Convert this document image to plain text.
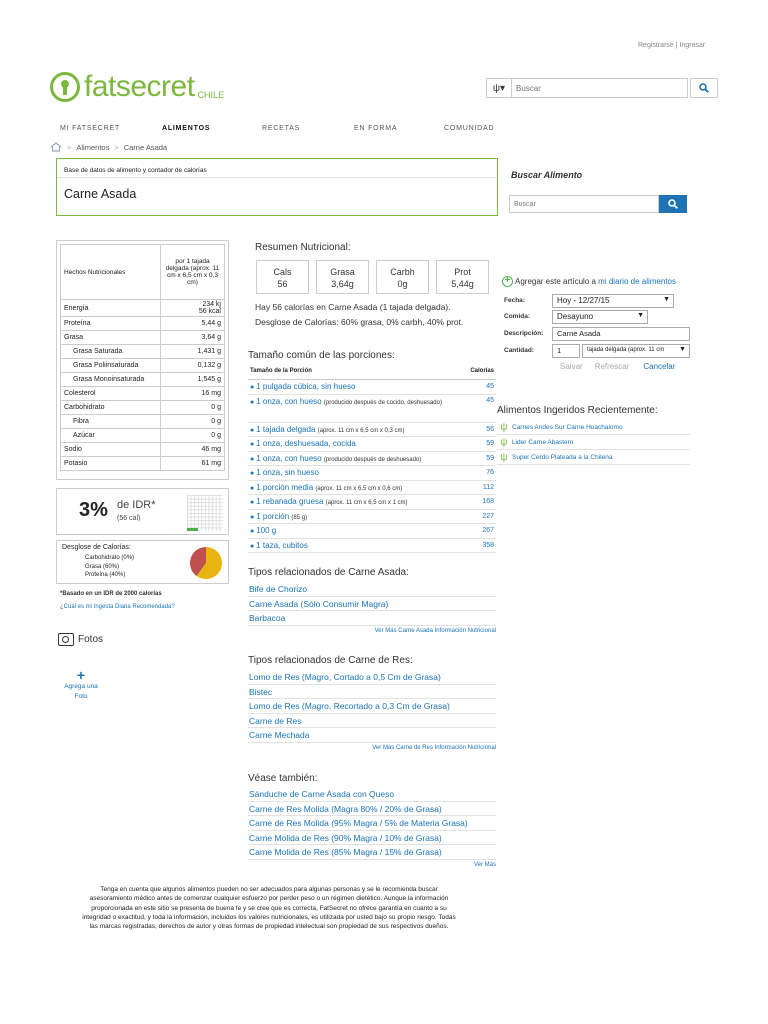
Registrarse | Ingresar
fatsecret CHILE
ψ▾
Buscar
MI FATSECRET	ALIMENTOS	RECETAS	EN FORMA	COMUNIDAD
> Alimentos > Carne Asada
Base de datos de alimento y contador de calorías
Carne Asada
Buscar Alimento
Buscar
Hechos Nutricionales	por 1 tajada delgada (aprox. 11 cm x 6,5 cm x 0,3 cm)
Energía	234 kj
56 kcal
Proteína	5,44 g
Grasa	3,64 g
Grasa Saturada	1,431 g
Grasa Poliinsaturada	0,132 g
Grasa Monoinsaturada	1,545 g
Colesterol	16 mg
Carbohidrato	0 g
Fibra	0 g
Azúcar	0 g
Sodio	46 mg
Potasio	61 mg
3% de IDR*
(56 cal)
Desglose de Calorías:
Carbohidrato (0%)
Grasa (60%)
Proteína (40%)
*Basado en un IDR de 2000 calorías
¿Cuál es mi Ingesta Diaria Recomendada?
Fotos
+
Agrega una Foto
Resumen Nutricional:
Cals
56
Grasa
3,64g
Carbh
0g
Prot
5,44g
Hay 56 calorías en Carne Asada (1 tajada delgada).
Desglose de Calorías: 60% grasa, 0% carbh, 40% prot.
Tamaño común de las porciones:
Tamaño de la Porción	Calorías
● 1 pulgada cúbica, sin hueso	45
● 1 onza, con hueso (producido después de cocido, deshuesado)	45
● 1 tajada delgada (aprox. 11 cm x 6,5 cm x 0,3 cm)	56
● 1 onza, deshuesada, cocida	59
● 1 onza, con hueso (producido después de deshuesado)	59
● 1 onza, sin hueso	76
● 1 porción media (aprox. 11 cm x 6,5 cm x 0,6 cm)	112
● 1 rebanada gruesa (aprox. 11 cm x 6,5 cm x 1 cm)	168
● 1 porción (85 g)	227
● 100 g	267
● 1 taza, cubitos	358
Tipos relacionados de Carne Asada:
Bife de Chorizo
Carne Asada (Sólo Consumir Magra)
Barbacoa
Ver Más Carne Asada Información Nutricional
Tipos relacionados de Carne de Res:
Lomo de Res (Magro, Cortado a 0,5 Cm de Grasa)
Bistec
Lomo de Res (Magro, Recortado a 0,3 Cm de Grasa)
Carne de Res
Carne Mechada
Ver Más Carne de Res Información Nutricional
Véase también:
Sánduche de Carne Asada con Queso
Carne de Res Molida (Magra 80% / 20% de Grasa)
Carne de Res Molida (95% Magra / 5% de Materia Grasa)
Carne Molida de Res (90% Magra / 10% de Grasa)
Carne Molida de Res (85% Magra / 15% de Grasa)
Ver Más
+ Agregar este artículo a
mi diario de alimentos
Fecha:	Hoy - 12/27/15	▼
Comida:	Desayuno	▼
Descripción:	Carne Asada
Cantidad:	1	tajada delgada (aprox. 11 cm ▼
Salvar Refrescar Cancelar
Alimentos Ingeridos Recientemente:
ψ Carnes Andes Sur Carne Huachalomo
ψ Lider Carne Abastero
ψ Super Cerdo Plateada a la Chilena
Tenga en cuenta que algunos alimentos pueden no ser adecuados para algunas personas y se le recomienda buscar asesoramiento médico antes de comenzar cualquier esfuerzo por perder peso o un régimen dietético. Aunque la información proporcionada en este sitio se presenta de buena fe y se cree que es correcta, FatSecret no ofrece garantía en cuanto a su integridad o exactitud, y toda la información, incluidos los valores nutricionales, es utilizada por usted bajo su propio riesgo. Todas las marcas registradas, derechos de autor y otras formas de propiedad intelectual son propiedad de sus respectivos dueños.
